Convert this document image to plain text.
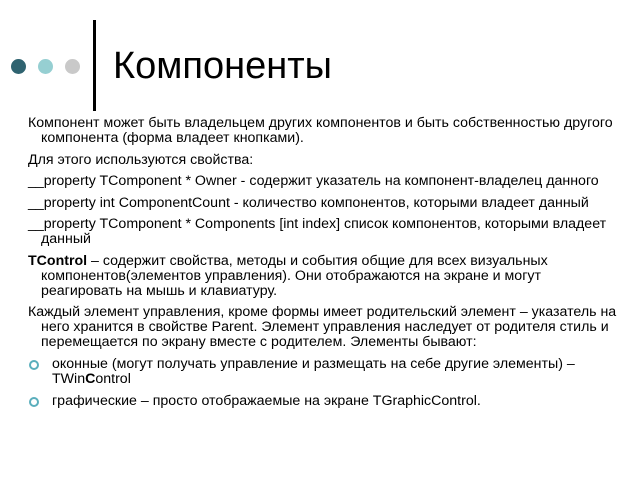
Компоненты

Компонент может быть владельцем других компонентов и быть собственностью другого компонента (форма владеет кнопками).

Для этого используются свойства:

__property TComponent * Owner - содержит указатель на компонент-владелец данного

__property int ComponentCount - количество компонентов, которыми владеет данный

__property TComponent * Components [int index] список компонентов, которыми владеет данный

TControl – содержит свойства, методы и события общие для всех визуальных компонентов(элементов управления). Они отображаются на экране и могут реагировать на мышь и клавиатуру.

Каждый элемент управления, кроме формы имеет родительский элемент – указатель на него хранится в свойстве Parent. Элемент управления наследует от родителя стиль и перемещается по экрану вместе с родителем. Элементы бывают:

оконные (могут получать управление и размещать на себе другие элементы) – TWinControl

графические – просто отображаемые на экране TGraphicControl.
